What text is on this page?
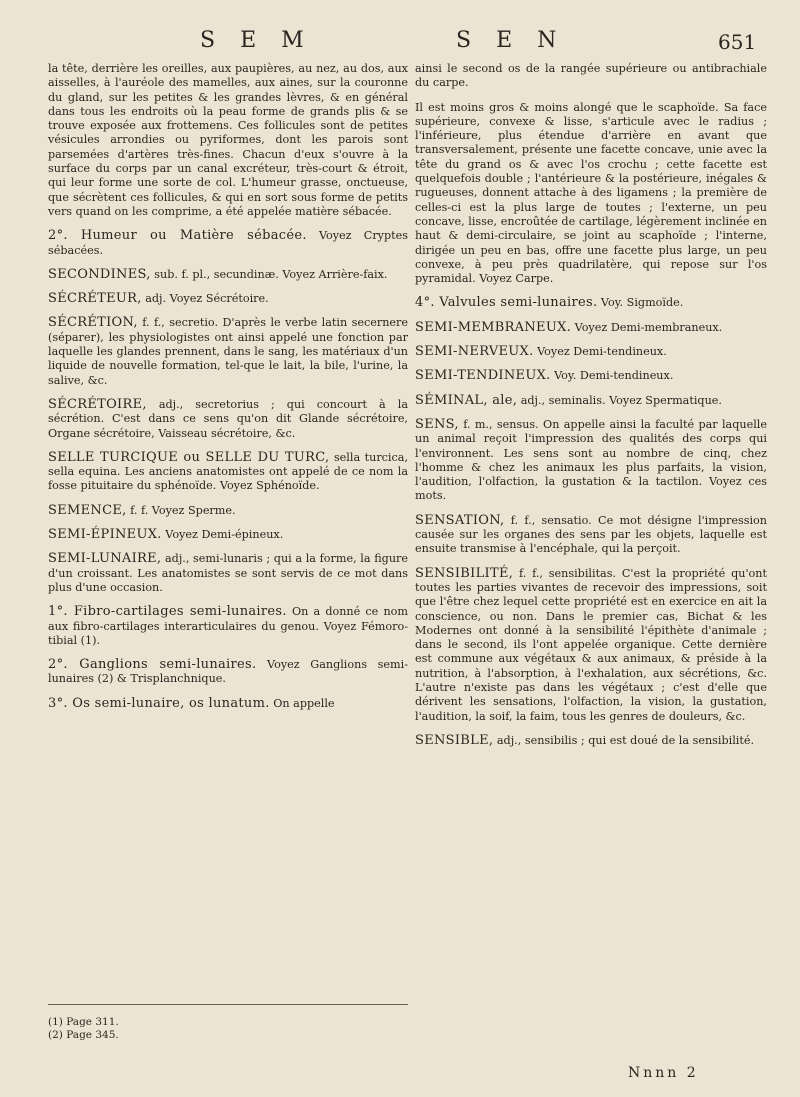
S E M	S E N	651

la tête, derrière les oreilles, aux paupières, au nez, au dos, aux aisselles, à l'auréole des mamelles, aux aines, sur la couronne du gland, sur les petites & les grandes lèvres, & en général dans tous les endroits où la peau forme de grands plis & se trouve exposée aux frottemens. Ces follicules sont de petites vésicules arrondies ou pyriformes, dont les parois sont parsemées d'artères très-fines. Chacun d'eux s'ouvre à la surface du corps par un canal excréteur, très-court & étroit, qui leur forme une sorte de col. L'humeur grasse, onctueuse, que sécrètent ces follicules, & qui en sort sous forme de petits vers quand on les comprime, a été appelée matière sébacée.

2°. Humeur ou Matière sébacée. Voyez Cryptes sébacées.

SECONDINES, sub. f. pl., secundinæ. Voyez Arrière-faix.

SÉCRÉTEUR, adj. Voyez Sécrétoire.

SÉCRÉTION, f. f., secretio. D'après le verbe latin secernere (séparer), les physiologistes ont ainsi appelé une fonction par laquelle les glandes prennent, dans le sang, les matériaux d'un liquide de nouvelle formation, tel-que le lait, la bile, l'urine, la salive, &c.

SÉCRÉTOIRE, adj., secretorius ; qui concourt à la sécrétion. C'est dans ce sens qu'on dit Glande sécrétoire, Organe sécrétoire, Vaisseau sécrétoire, &c.

SELLE TURCIQUE ou SELLE DU TURC, sella turcica, sella equina. Les anciens anatomistes ont appelé de ce nom la fosse pituitaire du sphénoïde. Voyez Sphénoïde.

SEMENCE, f. f. Voyez Sperme.

SEMI-ÉPINEUX. Voyez Demi-épineux.

SEMI-LUNAIRE, adj., semi-lunaris ; qui a la forme, la figure d'un croissant. Les anatomistes se sont servis de ce mot dans plus d'une occasion.

1°. Fibro-cartilages semi-lunaires. On a donné ce nom aux fibro-cartilages interarticulaires du genou. Voyez Fémoro-tibial (1).

2°. Ganglions semi-lunaires. Voyez Ganglions semi-lunaires (2) & Trisplanchnique.

3°. Os semi-lunaire, os lunatum. On appelle

ainsi le second os de la rangée supérieure ou antibrachiale du carpe.

Il est moins gros & moins alongé que le scaphoïde. Sa face supérieure, convexe & lisse, s'articule avec le radius ; l'inférieure, plus étendue d'arrière en avant que transversalement, présente une facette concave, unie avec la tête du grand os & avec l'os crochu ; cette facette est quelquefois double ; l'antérieure & la postérieure, inégales & rugueuses, donnent attache à des ligamens ; la première de celles-ci est la plus large de toutes ; l'externe, un peu concave, lisse, encroûtée de cartilage, légèrement inclinée en haut & demi-circulaire, se joint au scaphoïde ; l'interne, dirigée un peu en bas, offre une facette plus large, un peu convexe, à peu près quadrilatère, qui repose sur l'os pyramidal. Voyez Carpe.

4°. Valvules semi-lunaires. Voy. Sigmoïde.

SEMI-MEMBRANEUX. Voyez Demi-membraneux.

SEMI-NERVEUX. Voyez Demi-tendineux.

SEMI-TENDINEUX. Voy. Demi-tendineux.

SÉMINAL, ale, adj., seminalis. Voyez Spermatique.

SENS, f. m., sensus. On appelle ainsi la faculté par laquelle un animal reçoit l'impression des qualités des corps qui l'environnent. Les sens sont au nombre de cinq, chez l'homme & chez les animaux les plus parfaits, la vision, l'audition, l'olfaction, la gustation & la tactilon. Voyez ces mots.

SENSATION, f. f., sensatio. Ce mot désigne l'impression causée sur les organes des sens par les objets, laquelle est ensuite transmise à l'encéphale, qui la perçoit.

SENSIBILITÉ, f. f., sensibilitas. C'est la propriété qu'ont toutes les parties vivantes de recevoir des impressions, soit que l'être chez lequel cette propriété est en exercice en ait la conscience, ou non. Dans le premier cas, Bichat & les Modernes ont donné à la sensibilité l'épithète d'animale ; dans le second, ils l'ont appelée organique. Cette dernière est commune aux végétaux & aux animaux, & préside à la nutrition, à l'absorption, à l'exhalation, aux sécrétions, &c. L'autre n'existe pas dans les végétaux ; c'est d'elle que dérivent les sensations, l'olfaction, la vision, la gustation, l'audition, la soif, la faim, tous les genres de douleurs, &c.

SENSIBLE, adj., sensibilis ; qui est doué de la sensibilité.

(1) Page 311.
(2) Page 345.
Nnnn 2
